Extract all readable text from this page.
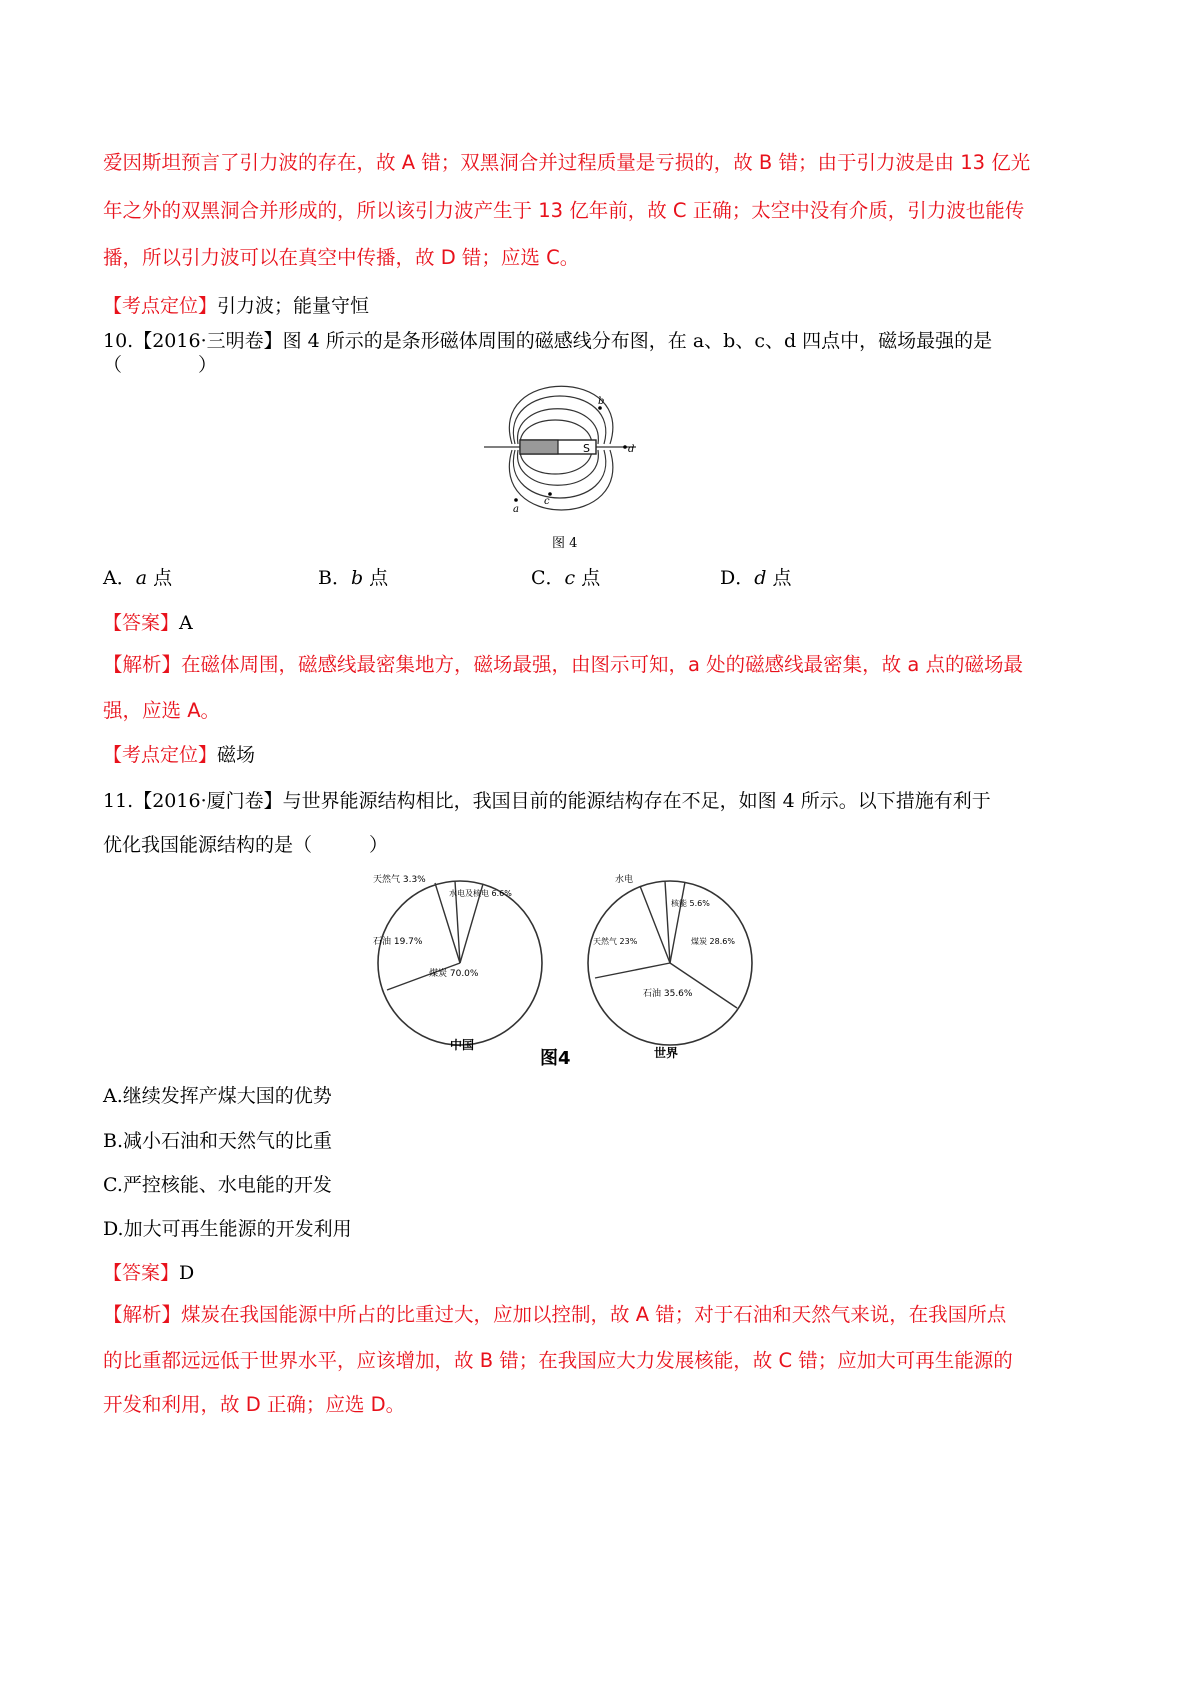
爱因斯坦预言了引力波的存在，故 A 错；双黑洞合并过程质量是亏损的，故 B 错；由于引力波是由 13 亿光
年之外的双黑洞合并形成的，所以该引力波产生于 13 亿年前，故 C 正确；太空中没有介质，引力波也能传
播，所以引力波可以在真空中传播，故 D 错；应选 C。
【考点定位】引力波；能量守恒
10.【2016·三明卷】图 4 所示的是条形磁体周围的磁感线分布图，在 a、b、c、d 四点中，磁场最强的是
（　　　　）
S
a
b
c
d
图 4
A．a 点	B．b 点	C．c 点	D．d 点
【答案】A
【解析】在磁体周围，磁感线最密集地方，磁场最强，由图示可知，a 处的磁感线最密集，故 a 点的磁场最
强，应选 A。
【考点定位】磁场
11.【2016·厦门卷】与世界能源结构相比，我国目前的能源结构存在不足，如图 4 所示。以下措施有利于
优化我国能源结构的是（　　　）
天然气 3.3%
水电及核电 6.6%
石油 19.7%
煤炭 70.0%
中国
水电
核能 5.6%
煤炭 28.6%
天然气 23%
石油 35.6%
图4	世界
A.继续发挥产煤大国的优势
B.减小石油和天然气的比重
C.严控核能、水电能的开发
D.加大可再生能源的开发利用
【答案】D
【解析】煤炭在我国能源中所占的比重过大，应加以控制，故 A 错；对于石油和天然气来说，在我国所点
的比重都远远低于世界水平，应该增加，故 B 错；在我国应大力发展核能，故 C 错；应加大可再生能源的
开发和利用，故 D 正确；应选 D。
